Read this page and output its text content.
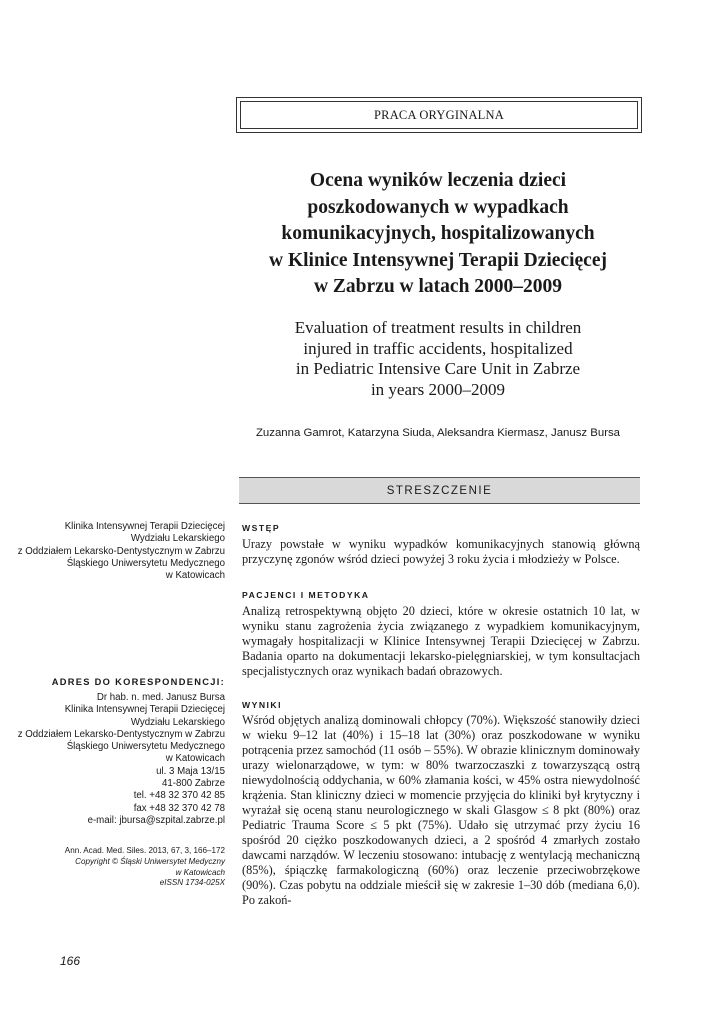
PRACA ORYGINALNA
Ocena wyników leczenia dzieci
poszkodowanych w wypadkach
komunikacyjnych, hospitalizowanych
w Klinice Intensywnej Terapii Dziecięcej
w Zabrzu w latach 2000–2009
Evaluation of treatment results in children
injured in traffic accidents, hospitalized
in Pediatric Intensive Care Unit in Zabrze
in years 2000–2009
Zuzanna Gamrot, Katarzyna Siuda, Aleksandra Kiermasz, Janusz Bursa
STRESZCZENIE
Klinika Intensywnej Terapii Dziecięcej
Wydziału Lekarskiego
z Oddziałem Lekarsko-Dentystycznym w Zabrzu
Śląskiego Uniwersytetu Medycznego
w Katowicach
ADRES DO KORESPONDENCJI:
Dr hab. n. med. Janusz Bursa
Klinika Intensywnej Terapii Dziecięcej
Wydziału Lekarskiego
z Oddziałem Lekarsko-Dentystycznym w Zabrzu
Śląskiego Uniwersytetu Medycznego
w Katowicach
ul. 3 Maja 13/15
41-800 Zabrze
tel. +48 32 370 42 85
fax +48 32 370 42 78
e-mail: jbursa@szpital.zabrze.pl
Ann. Acad. Med. Siles. 2013, 67, 3, 166–172
Copyright © Śląski Uniwersytet Medyczny
w Katowicach
eISSN 1734-025X
WSTĘP
Urazy powstałe w wyniku wypadków komunikacyjnych stanowią główną przyczynę zgonów wśród dzieci powyżej 3 roku życia i młodzieży w Polsce.
PACJENCI I METODYKA
Analizą retrospektywną objęto 20 dzieci, które w okresie ostatnich 10 lat, w wyniku stanu zagrożenia życia związanego z wypadkiem komunikacyjnym, wymagały hospitalizacji w Klinice Intensywnej Terapii Dziecięcej w Zabrzu. Badania oparto na dokumentacji lekarsko-pielęgniarskiej, w tym konsultacjach specjalistycznych oraz wynikach badań obrazowych.
WYNIKI
Wśród objętych analizą dominowali chłopcy (70%). Większość stanowiły dzieci w wieku 9–12 lat (40%) i 15–18 lat (30%) oraz poszkodowane w wyniku potrącenia przez samochód (11 osób – 55%). W obrazie klinicznym dominowały urazy wielonarządowe, w tym: w 80% twarzoczaszki z towarzyszącą ostrą niewydolnością oddychania, w 60% złamania kości, w 45% ostra niewydolność krążenia. Stan kliniczny dzieci w momencie przyjęcia do kliniki był krytyczny i wyrażał się oceną stanu neurologicznego w skali Glasgow ≤ 8 pkt (80%) oraz Pediatric Trauma Score ≤ 5 pkt (75%). Udało się utrzymać przy życiu 16 spośród 20 ciężko poszkodowanych dzieci, a 2 spośród 4 zmarłych zostało dawcami narządów. W leczeniu stosowano: intubację z wentylacją mechaniczną (85%), śpiączkę farmakologiczną (60%) oraz leczenie przeciwobrzękowe (90%). Czas pobytu na oddziale mieścił się w zakresie 1–30 dób (mediana 6,0). Po zakoń-
166
